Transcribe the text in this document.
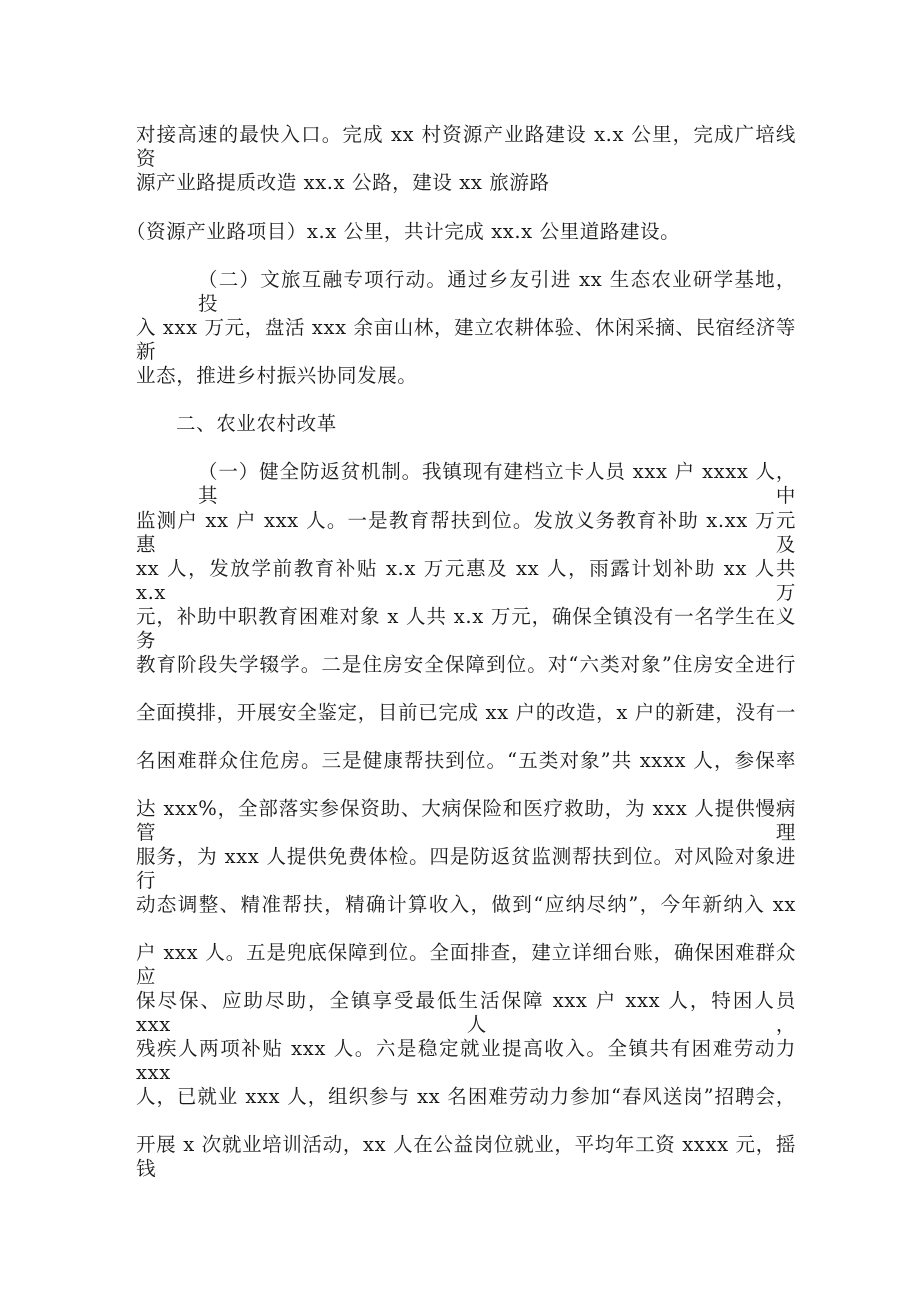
对接高速的最快入口。完成 xx 村资源产业路建设 x.x 公里，完成广培线资
源产业路提质改造 xx.x 公路，建设 xx 旅游路
（资源产业路项目）x.x 公里，共计完成 xx.x 公里道路建设。
（二）文旅互融专项行动。通过乡友引进 xx 生态农业研学基地，投
入 xxx 万元，盘活 xxx 余亩山林，建立农耕体验、休闲采摘、民宿经济等新
业态，推进乡村振兴协同发展。
二、农业农村改革
（一）健全防返贫机制。我镇现有建档立卡人员 xxx 户 xxxx 人，其中
监测户 xx 户 xxx 人。一是教育帮扶到位。发放义务教育补助 x.xx 万元惠及
xx 人，发放学前教育补贴 x.x 万元惠及 xx 人，雨露计划补助 xx 人共 x.x 万
元，补助中职教育困难对象 x 人共 x.x 万元，确保全镇没有一名学生在义务
教育阶段失学辍学。二是住房安全保障到位。对“六类对象”住房安全进行
全面摸排，开展安全鉴定，目前已完成 xx 户的改造，x 户的新建，没有一
名困难群众住危房。三是健康帮扶到位。“五类对象”共 xxxx 人，参保率
达 xxx%，全部落实参保资助、大病保险和医疗救助，为 xxx 人提供慢病管理
服务，为 xxx 人提供免费体检。四是防返贫监测帮扶到位。对风险对象进行
动态调整、精准帮扶，精确计算收入，做到“应纳尽纳”，今年新纳入 xx
户 xxx 人。五是兜底保障到位。全面排查，建立详细台账，确保困难群众应
保尽保、应助尽助，全镇享受最低生活保障 xxx 户 xxx 人，特困人员 xxx 人，
残疾人两项补贴 xxx 人。六是稳定就业提高收入。全镇共有困难劳动力 xxx
人，已就业 xxx 人，组织参与 xx 名困难劳动力参加“春风送岗”招聘会，
开展 x 次就业培训活动，xx 人在公益岗位就业，平均年工资 xxxx 元，摇钱
